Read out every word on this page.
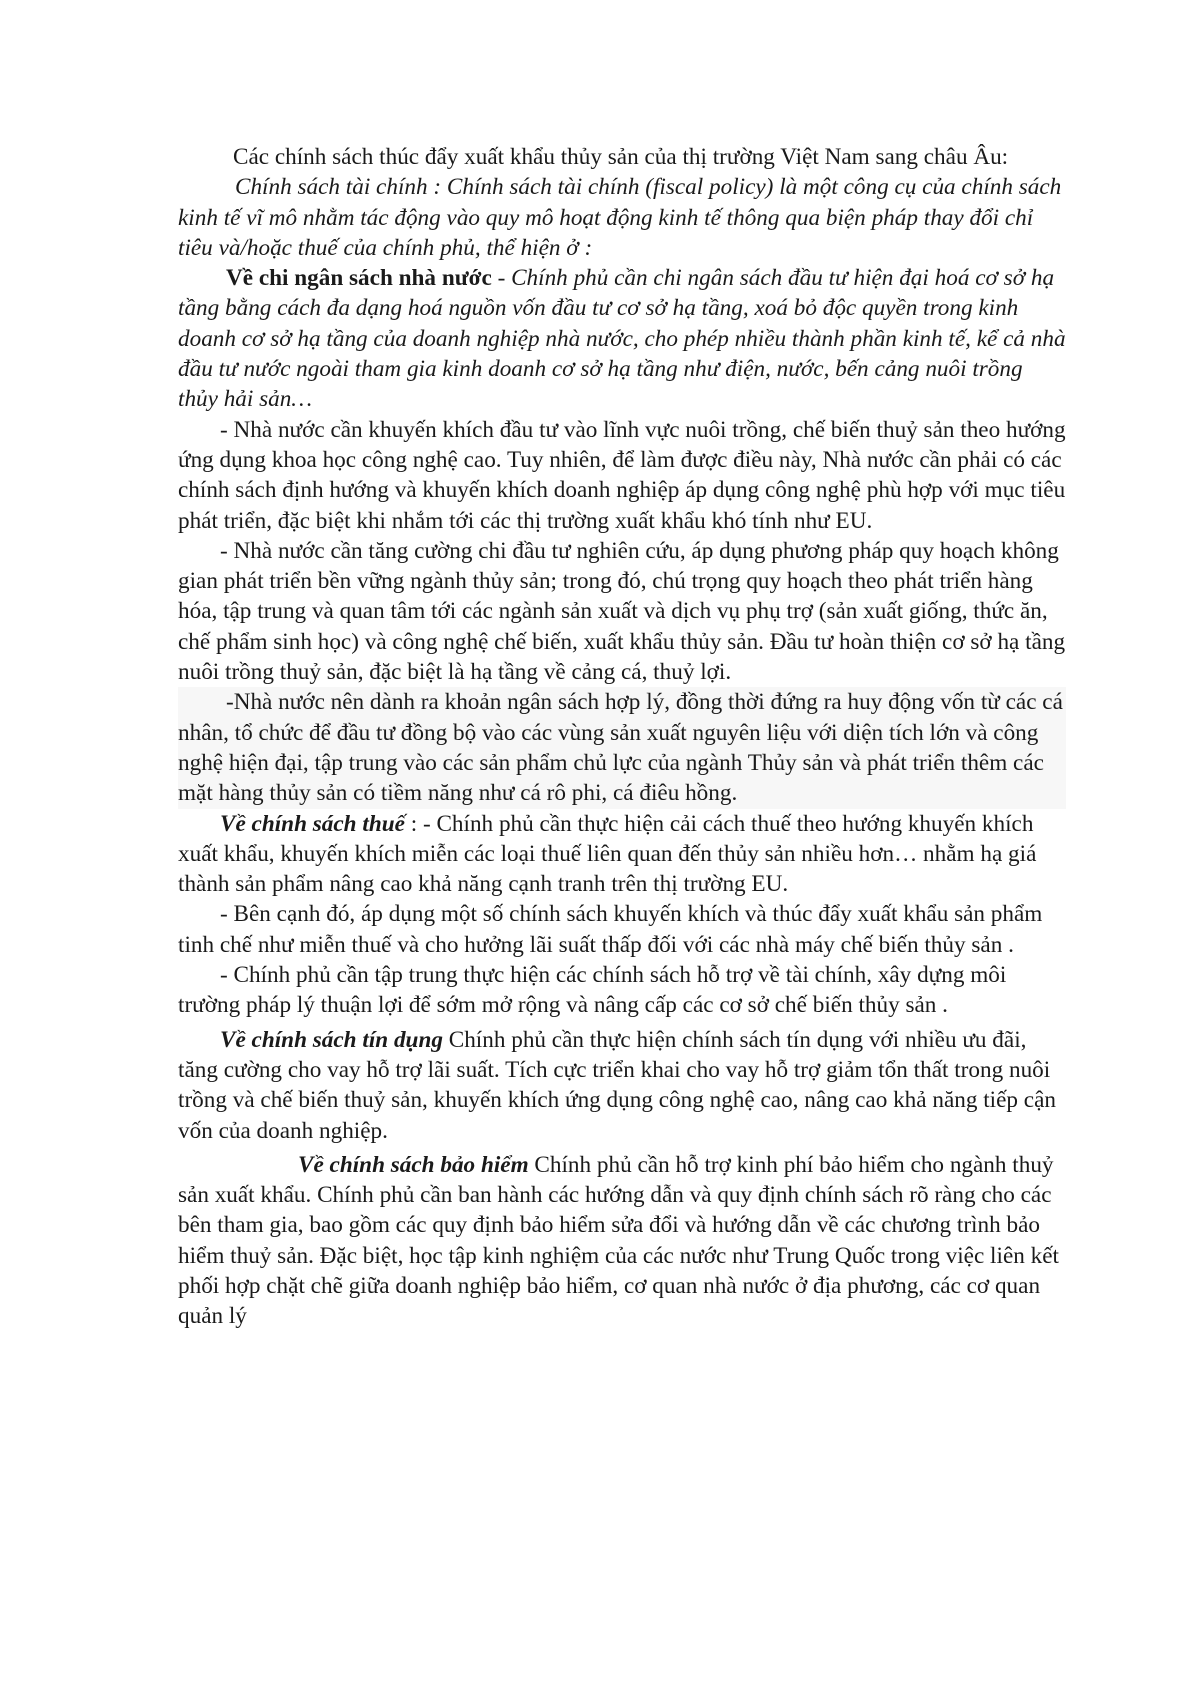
Các chính sách thúc đẩy xuất khẩu thủy sản của thị trường Việt Nam sang châu Âu:

Chính sách tài chính : Chính sách tài chính (fiscal policy) là một công cụ của chính sách kinh tế vĩ mô nhằm tác động vào quy mô hoạt động kinh tế thông qua biện pháp thay đổi chỉ tiêu và/hoặc thuế của chính phủ, thể hiện ở :

Về chi ngân sách nhà nước - Chính phủ cần chi ngân sách đầu tư hiện đại hoá cơ sở hạ tầng bằng cách đa dạng hoá nguồn vốn đầu tư cơ sở hạ tầng, xoá bỏ độc quyền trong kinh doanh cơ sở hạ tầng của doanh nghiệp nhà nước, cho phép nhiều thành phần kinh tế, kể cả nhà đầu tư nước ngoài tham gia kinh doanh cơ sở hạ tầng như điện, nước, bến cảng nuôi trồng thủy hải sản…

- Nhà nước cần khuyến khích đầu tư vào lĩnh vực nuôi trồng, chế biến thuỷ sản theo hướng ứng dụng khoa học công nghệ cao. Tuy nhiên, để làm được điều này, Nhà nước cần phải có các chính sách định hướng và khuyến khích doanh nghiệp áp dụng công nghệ phù hợp với mục tiêu phát triển, đặc biệt khi nhắm tới các thị trường xuất khẩu khó tính như EU.

- Nhà nước cần tăng cường chi đầu tư nghiên cứu, áp dụng phương pháp quy hoạch không gian phát triển bền vững ngành thủy sản; trong đó, chú trọng quy hoạch theo phát triển hàng hóa, tập trung và quan tâm tới các ngành sản xuất và dịch vụ phụ trợ (sản xuất giống, thức ăn, chế phẩm sinh học) và công nghệ chế biến, xuất khẩu thủy sản. Đầu tư hoàn thiện cơ sở hạ tầng nuôi trồng thuỷ sản, đặc biệt là hạ tầng về cảng cá, thuỷ lợi.

-Nhà nước nên dành ra khoản ngân sách hợp lý, đồng thời đứng ra huy động vốn từ các cá nhân, tổ chức để đầu tư đồng bộ vào các vùng sản xuất nguyên liệu với diện tích lớn và công nghệ hiện đại, tập trung vào các sản phẩm chủ lực của ngành Thủy sản và phát triển thêm các mặt hàng thủy sản có tiềm năng như cá rô phi, cá điêu hồng.

Về chính sách thuế : - Chính phủ cần thực hiện cải cách thuế theo hướng khuyến khích xuất khẩu, khuyến khích miễn các loại thuế liên quan đến thủy sản nhiều hơn… nhằm hạ giá thành sản phẩm nâng cao khả năng cạnh tranh trên thị trường EU.

- Bên cạnh đó, áp dụng một số chính sách khuyến khích và thúc đẩy xuất khẩu sản phẩm tinh chế như miễn thuế và cho hưởng lãi suất thấp đối với các nhà máy chế biến thủy sản .

- Chính phủ cần tập trung thực hiện các chính sách hỗ trợ về tài chính, xây dựng môi trường pháp lý thuận lợi để sớm mở rộng và nâng cấp các cơ sở chế biến thủy sản .

Về chính sách tín dụng Chính phủ cần thực hiện chính sách tín dụng với nhiều ưu đãi, tăng cường cho vay hỗ trợ lãi suất. Tích cực triển khai cho vay hỗ trợ giảm tổn thất trong nuôi trồng và chế biến thuỷ sản, khuyến khích ứng dụng công nghệ cao, nâng cao khả năng tiếp cận vốn của doanh nghiệp.

Về chính sách bảo hiểm Chính phủ cần hỗ trợ kinh phí bảo hiểm cho ngành thuỷ sản xuất khẩu. Chính phủ cần ban hành các hướng dẫn và quy định chính sách rõ ràng cho các bên tham gia, bao gồm các quy định bảo hiểm sửa đổi và hướng dẫn về các chương trình bảo hiểm thuỷ sản. Đặc biệt, học tập kinh nghiệm của các nước như Trung Quốc trong việc liên kết phối hợp chặt chẽ giữa doanh nghiệp bảo hiểm, cơ quan nhà nước ở địa phương, các cơ quan quản lý
